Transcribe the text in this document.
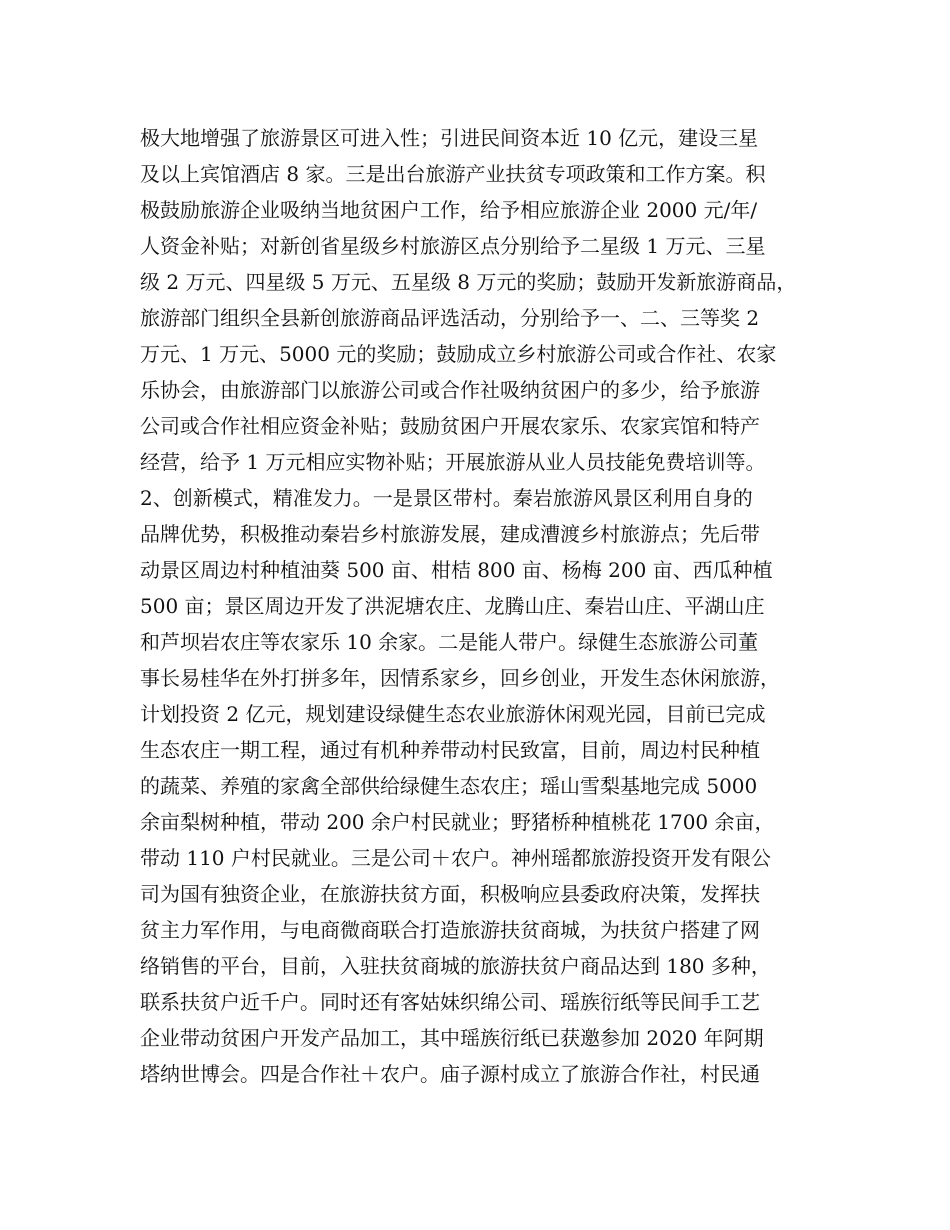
极大地增强了旅游景区可进入性；引进民间资本近 10 亿元，建设三星
及以上宾馆酒店 8 家。三是出台旅游产业扶贫专项政策和工作方案。积
极鼓励旅游企业吸纳当地贫困户工作，给予相应旅游企业 2000 元/年/
人资金补贴；对新创省星级乡村旅游区点分别给予二星级 1 万元、三星
级 2 万元、四星级 5 万元、五星级 8 万元的奖励；鼓励开发新旅游商品，
旅游部门组织全县新创旅游商品评选活动，分别给予一、二、三等奖 2
万元、1 万元、5000 元的奖励；鼓励成立乡村旅游公司或合作社、农家
乐协会，由旅游部门以旅游公司或合作社吸纳贫困户的多少，给予旅游
公司或合作社相应资金补贴；鼓励贫困户开展农家乐、农家宾馆和特产
经营，给予 1 万元相应实物补贴；开展旅游从业人员技能免费培训等。
2、创新模式，精准发力。一是景区带村。秦岩旅游风景区利用自身的
品牌优势，积极推动秦岩乡村旅游发展，建成漕渡乡村旅游点；先后带
动景区周边村种植油葵 500 亩、柑桔 800 亩、杨梅 200 亩、西瓜种植
500 亩；景区周边开发了洪泥塘农庄、龙腾山庄、秦岩山庄、平湖山庄
和芦坝岩农庄等农家乐 10 余家。二是能人带户。绿健生态旅游公司董
事长易桂华在外打拼多年，因情系家乡，回乡创业，开发生态休闲旅游，
计划投资 2 亿元，规划建设绿健生态农业旅游休闲观光园，目前已完成
生态农庄一期工程，通过有机种养带动村民致富，目前，周边村民种植
的蔬菜、养殖的家禽全部供给绿健生态农庄；瑶山雪梨基地完成 5000
余亩梨树种植，带动 200 余户村民就业；野猪桥种植桃花 1700 余亩，
带动 110 户村民就业。三是公司＋农户。神州瑶都旅游投资开发有限公
司为国有独资企业，在旅游扶贫方面，积极响应县委政府决策，发挥扶
贫主力军作用，与电商微商联合打造旅游扶贫商城，为扶贫户搭建了网
络销售的平台，目前，入驻扶贫商城的旅游扶贫户商品达到 180 多种，
联系扶贫户近千户。同时还有客姑妹织绵公司、瑶族衍纸等民间手工艺
企业带动贫困户开发产品加工，其中瑶族衍纸已获邀参加 2020 年阿期
塔纳世博会。四是合作社＋农户。庙子源村成立了旅游合作社，村民通
